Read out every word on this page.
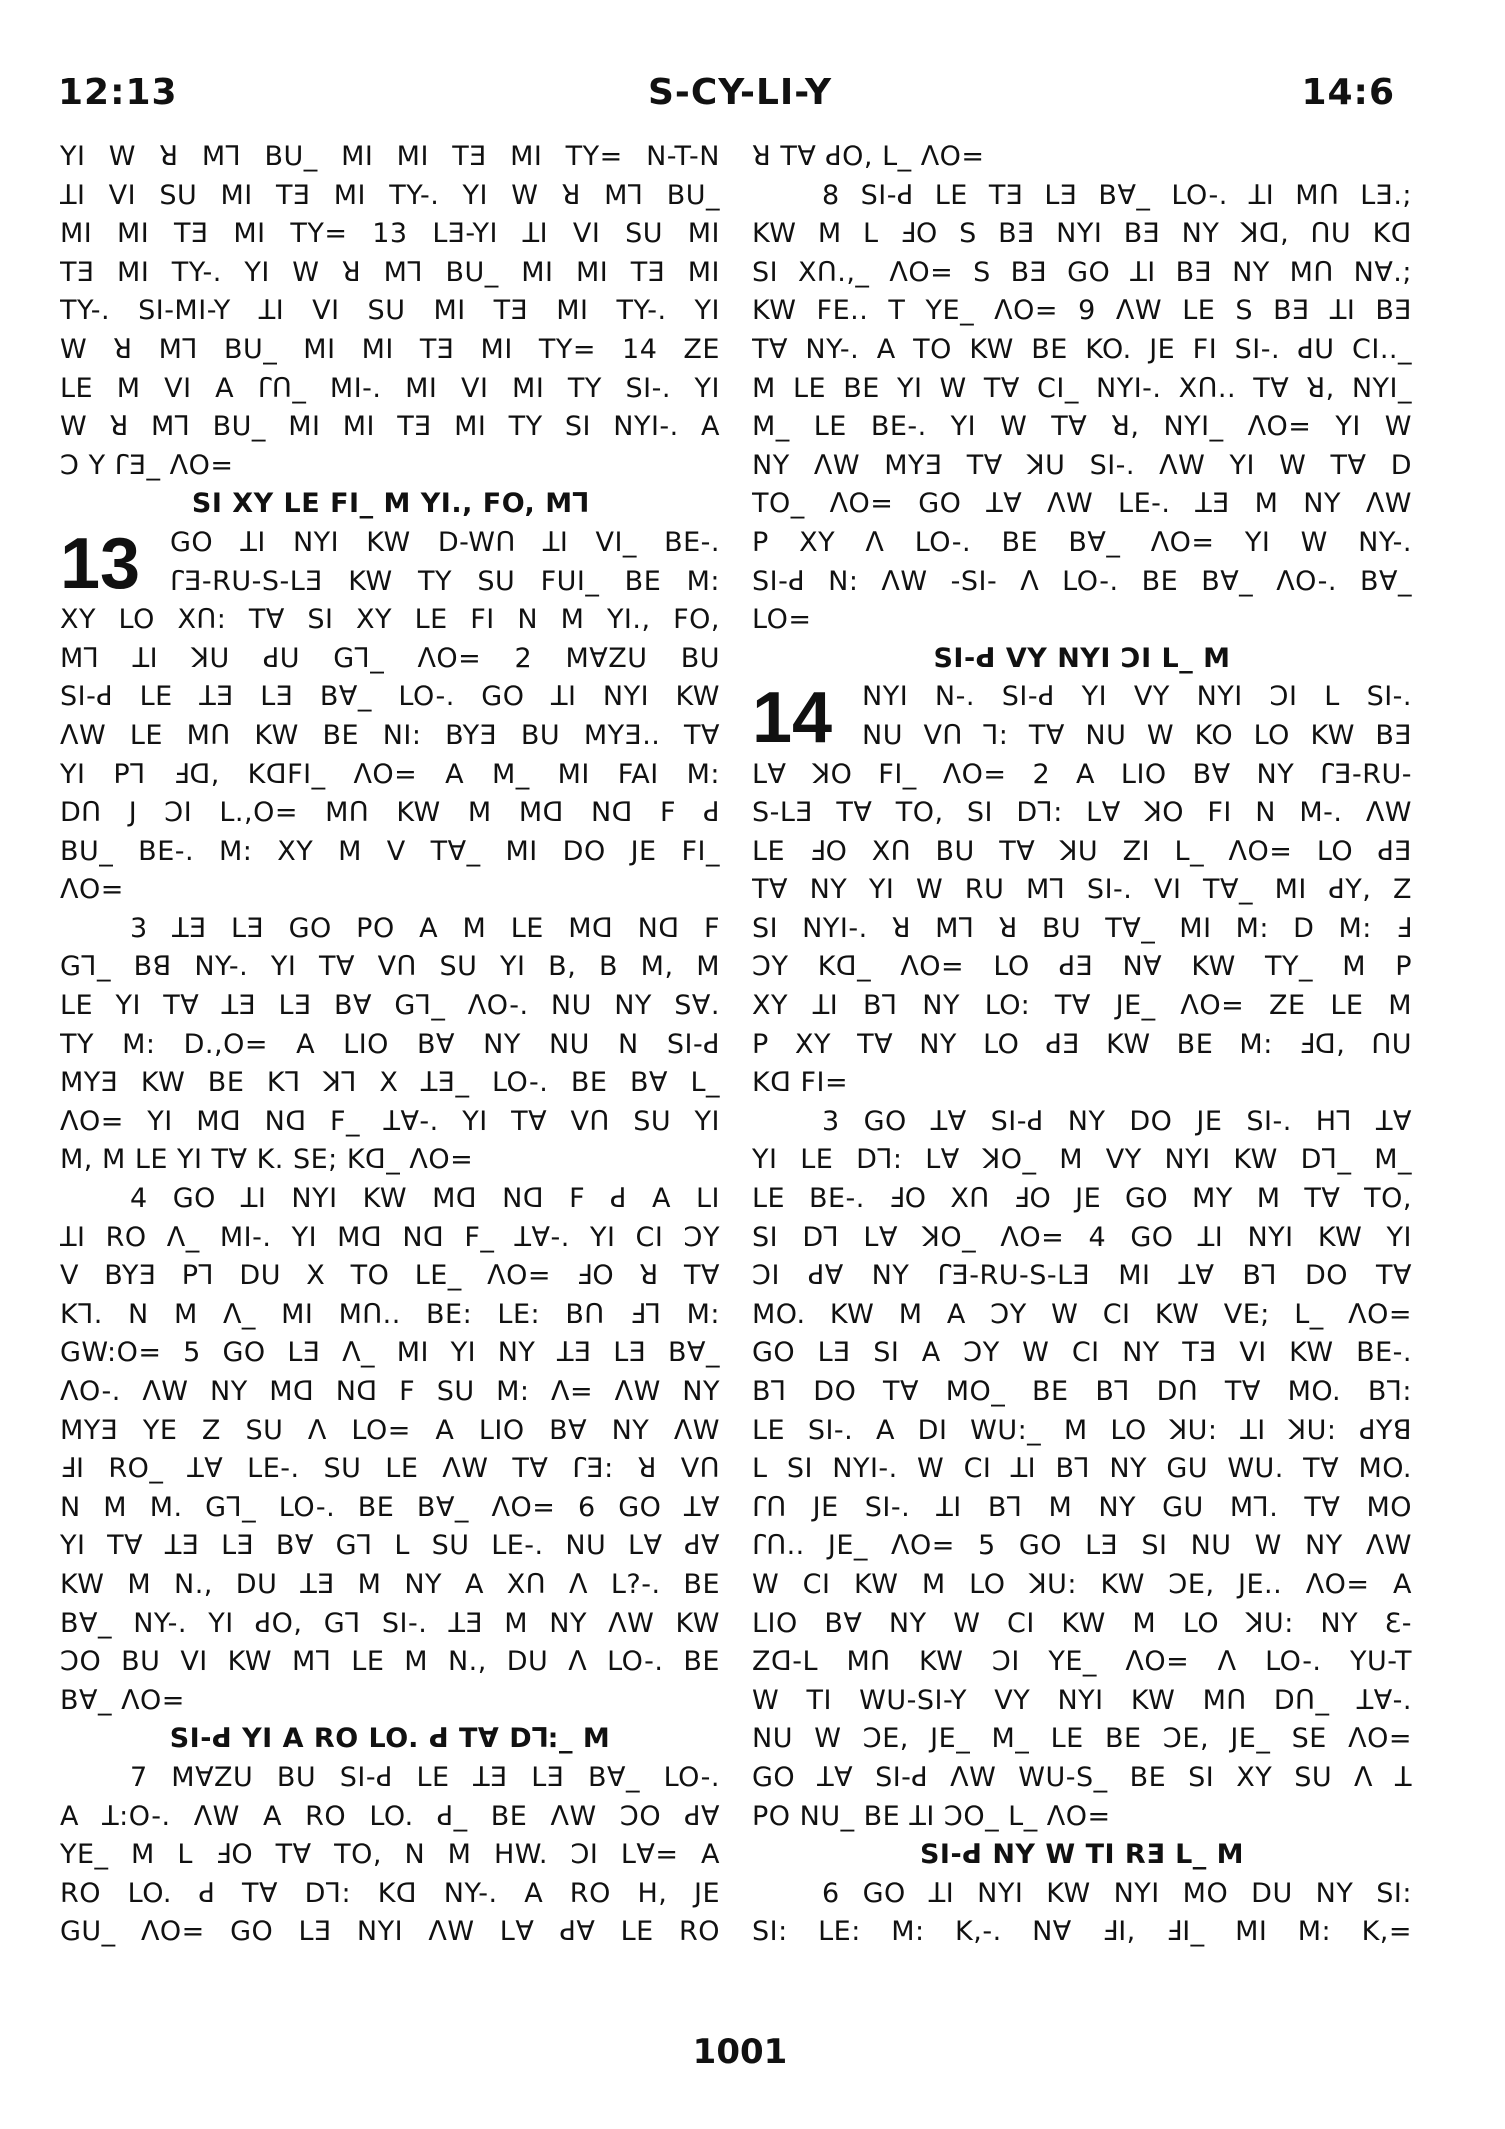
12:13	S-CY-LI-Y	14:6
YI W ꓤ Mꓶ BU_ MI MI TƎ MI TY= N-T-N
ꓕI VI SU MI TƎ MI TY-. YI W ꓤ Mꓶ BU_
MI MI TƎ MI TY= 13 LƎ-YI ꓕI VI SU MI
TƎ MI TY-. YI W ꓤ Mꓶ BU_ MI MI TƎ MI
TY-. SI-MI-Y ꓕI VI SU MI TƎ MI TY-. YI
W ꓤ Mꓶ BU_ MI MI TƎ MI TY= 14 ZE
LE M VI A ꓩՈ_ MI-. MI VI MI TY SI-. YI
W ꓤ Mꓶ BU_ MI MI TƎ MI TY SI NYI-. A
Ɔ Y ꓩƎ_ ꓥO=
SI XY LE FI_ M YI., FO, Mꓶ
13	GO ꓕI NYI KW D-WՈ ꓕI VI_ BE-.
ꓩƎ-RU-S-LƎ KW TY SU FUI_ BE M:
XY LO XՈ: Tꓯ SI XY LE FI N M YI., FO,
Mꓶ ꓕI ꓘU ꓒU Gꓶ_ ꓥO= 2 MꓯZU BU
SI-ꓒ LE ꓕƎ LƎ Bꓯ_ LO-. GO ꓕI NYI KW
ꓥW LE MՈ KW BE NI: BYƎ BU MYƎ.. Tꓯ
YI Pꓶ ꓞꓷ, KꓷFI_ ꓥO= A M_ MI FAI M:
DՈ J ƆI L.,O= MՈ KW M Mꓷ Nꓷ F ꓒ
BU_ BE-. M: XY M V Tꓯ_ MI DO JE FI_
ꓥO=
3 ꓕƎ LƎ GO PO A M LE Mꓷ Nꓷ F
Gꓶ_ Bꓭ NY-. YI Tꓯ VՈ SU YI B, B M, M
LE YI Tꓯ ꓕƎ LƎ Bꓯ Gꓶ_ ꓥO-. NU NY Sꓯ.
TY M: D.,O= A LIO Bꓯ NY NU N SI-ꓒ
MYƎ KW BE Kꓶ ꓘꓶ X ꓕƎ_ LO-. BE Bꓯ L_
ꓥO= YI Mꓷ Nꓷ F_ ꓕꓯ-. YI Tꓯ VՈ SU YI
M, M LE YI Tꓯ K. SE; Kꓷ_ ꓥO=
4 GO ꓕI NYI KW Mꓷ Nꓷ F ꓒ A LI
ꓕI RO ꓥ_ MI-. YI Mꓷ Nꓷ F_ ꓕꓯ-. YI CI ƆY
V BYƎ Pꓶ DU X TO LE_ ꓥO= ꓞO ꓤ Tꓯ
Kꓶ. N M ꓥ_ MI MՈ.. BE: LE: BՈ ꓞꓶ M:
GW:O= 5 GO LƎ ꓥ_ MI YI NY ꓕƎ LƎ Bꓯ_
ꓥO-. ꓥW NY Mꓷ Nꓷ F SU M: ꓥ= ꓥW NY
MYƎ YE Z SU ꓥ LO= A LIO Bꓯ NY ꓥW
ꓞI RO_ ꓕꓯ LE-. SU LE ꓥW Tꓯ ꓩƎ: ꓤ VՈ
N M M. Gꓶ_ LO-. BE Bꓯ_ ꓥO= 6 GO ꓕꓯ
YI Tꓯ ꓕƎ LƎ Bꓯ Gꓶ L SU LE-. NU Lꓯ ꓒꓯ
KW M N., DU ꓕƎ M NY A XՈ ꓥ L?-. BE
Bꓯ_ NY-. YI ꓒO, Gꓶ SI-. ꓕƎ M NY ꓥW KW
ƆO BU VI KW Mꓶ LE M N., DU ꓥ LO-. BE
Bꓯ_ ꓥO=
SI-ꓒ YI A RO LO. ꓒ Tꓯ Dꓶ:_ M
7 MꓯZU BU SI-ꓒ LE ꓕƎ LƎ Bꓯ_ LO-.
A ꓕ:O-. ꓥW A RO LO. ꓒ_ BE ꓥW ƆO ꓒꓯ
YE_ M L ꓞO Tꓯ TO, N M HW. ƆI Lꓯ= A
RO LO. ꓒ Tꓯ Dꓶ: Kꓷ NY-. A RO H, JE
GU_ ꓥO= GO LƎ NYI ꓥW Lꓯ ꓒꓯ LE RO
ꓤ Tꓯ ꓒO, L_ ꓥO=
8 SI-ꓒ LE TƎ LƎ Bꓯ_ LO-. ꓕI MՈ LƎ.;
KW M L ꓞO S BƎ NYI BƎ NY ꓘꓷ, ꓵU Kꓷ
SI XՈ.,_ ꓥO= S BƎ GO ꓕI BƎ NY MՈ Nꓯ.;
KW FE.. T YE_ ꓥO= 9 ꓥW LE S BƎ ꓕI BƎ
Tꓯ NY-. A TO KW BE KO. JE FI SI-. ꓒU CI.._
M LE BE YI W Tꓯ CI_ NYI-. XՈ.. Tꓯ ꓤ, NYI_
M_ LE BE-. YI W Tꓯ ꓤ, NYI_ ꓥO= YI W
NY ꓥW MYƎ Tꓯ ꓘU SI-. ꓥW YI W Tꓯ D
TO_ ꓥO= GO ꓕꓯ ꓥW LE-. ꓕƎ M NY ꓥW
P XY ꓥ LO-. BE Bꓯ_ ꓥO= YI W NY-.
SI-ꓒ N: ꓥW -SI- ꓥ LO-. BE Bꓯ_ ꓥO-. Bꓯ_
LO=
SI-ꓒ VY NYI ƆI L_ M
14	NYI N-. SI-ꓒ YI VY NYI ƆI L SI-.
NU VՈ ꓶ: Tꓯ NU W KO LO KW BƎ
Lꓯ ꓘO FI_ ꓥO= 2 A LIO Bꓯ NY ꓩƎ-RU-
S-LƎ Tꓯ TO, SI Dꓶ: Lꓯ ꓘO FI N M-. ꓥW
LE ꓞO XՈ BU Tꓯ ꓘU ZI L_ ꓥO= LO ꓒƎ
Tꓯ NY YI W RU Mꓶ SI-. VI Tꓯ_ MI ꓒY, Z
SI NYI-. ꓤ Mꓶ ꓤ BU Tꓯ_ MI M: D M: ꓞ
ƆY Kꓷ_ ꓥO= LO ꓒƎ Nꓯ KW TY_ M P
XY ꓕI Bꓶ NY LO: Tꓯ JE_ ꓥO= ZE LE M
P XY Tꓯ NY LO ꓒƎ KW BE M: ꓞꓷ, ꓵU
Kꓷ FI=
3 GO ꓕꓯ SI-ꓒ NY DO JE SI-. Hꓶ ꓕꓯ
YI LE Dꓶ: Lꓯ ꓘO_ M VY NYI KW Dꓶ_ M_
LE BE-. ꓞO XՈ ꓞO JE GO MY M Tꓯ TO,
SI Dꓶ Lꓯ ꓘO_ ꓥO= 4 GO ꓕI NYI KW YI
ƆI ꓒꓯ NY ꓩƎ-RU-S-LƎ MI ꓕꓯ Bꓶ DO Tꓯ
MO. KW M A ƆY W CI KW VE; L_ ꓥO=
GO LƎ SI A ƆY W CI NY TƎ VI KW BE-.
Bꓶ DO Tꓯ MO_ BE Bꓶ DՈ Tꓯ MO. Bꓶ:
LE SI-. A DI WU:_ M LO ꓘU: ꓕI ꓘU: ꓒYꓭ
L SI NYI-. W CI ꓕI Bꓶ NY GU WU. Tꓯ MO.
ꓩՈ JE SI-. ꓕI Bꓶ M NY GU Mꓶ. Tꓯ MO
ꓩՈ.. JE_ ꓥO= 5 GO LƎ SI NU W NY ꓥW
W CI KW M LO ꓘU: KW ƆE, JE.. ꓥO= A
LIO Bꓯ NY W CI KW M LO ꓘU: NY Ɛ-
Zꓷ-L MՈ KW ƆI YE_ ꓥO= ꓥ LO-. YU-T
W TI WU-SI-Y VY NYI KW MՈ DՈ_ ꓕꓯ-.
NU W ƆE, JE_ M_ LE BE ƆE, JE_ SE ꓥO=
GO ꓕꓯ SI-ꓒ ꓥW WU-S_ BE SI XY SU ꓥ ꓕ
PO NU_ BE ꓕI ƆO_ L_ ꓥO=
SI-ꓒ NY W TI RƎ L_ M
6 GO ꓕI NYI KW NYI MO DU NY SI:
SI: LE: M: K,-. Nꓯ ꓞI, ꓞI_ MI M: K,=
1001
